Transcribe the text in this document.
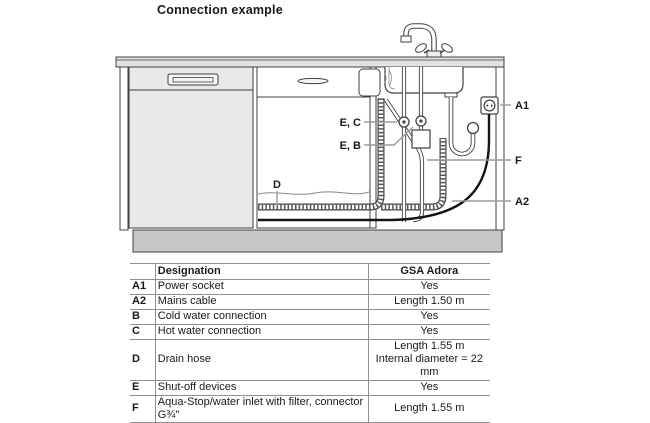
Connection example
E, C
E, B
D
A1
F
A2
	Designation	GSA Adora
A1	Power socket	Yes
A2	Mains cable	Length 1.50 m
B	Cold water connection	Yes
C	Hot water connection	Yes
D	Drain hose	Length 1.55 m
Internal diameter = 22 mm

E	Shut-off devices	Yes
F	Aqua-Stop/water inlet with filter, connector G¾"	Length 1.55 m
